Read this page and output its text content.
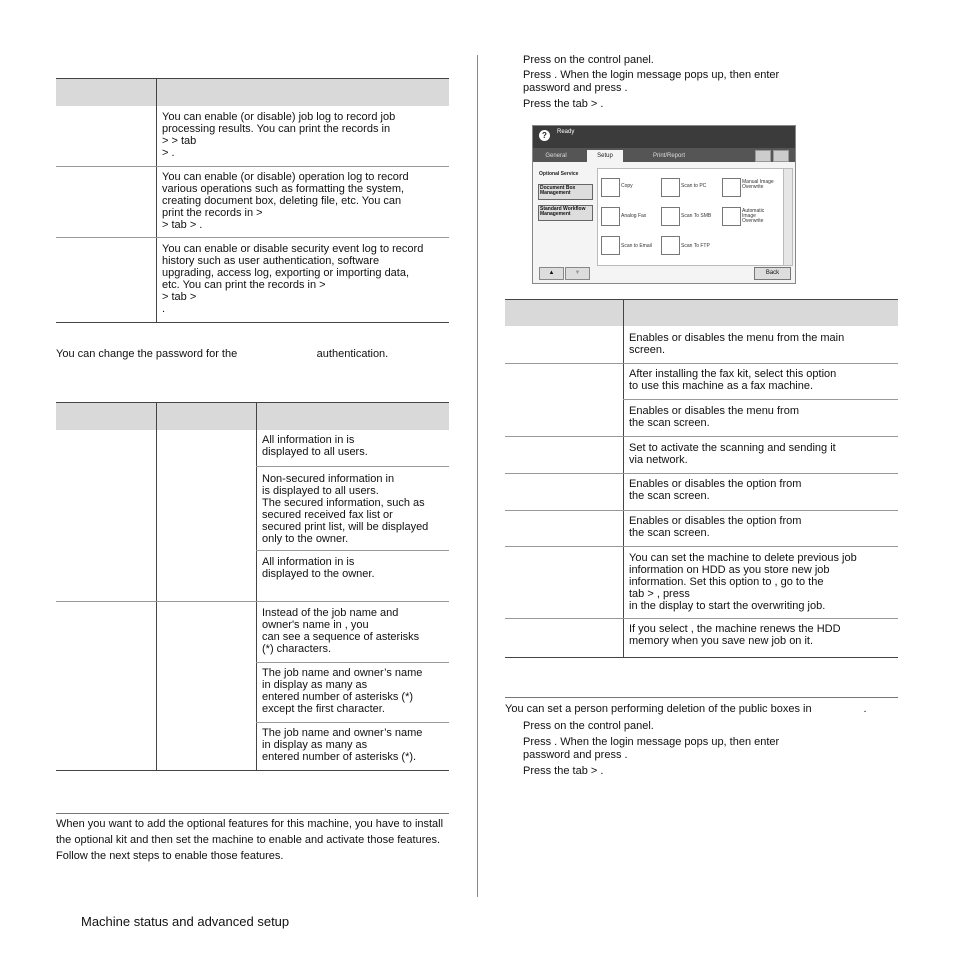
You can enable (or disable) job log to record job
processing results. You can print the records in
> > tab
> .
You can enable (or disable) operation log to record
various operations such as formatting the system,
creating document box, deleting file, etc. You can
print the records in >
> tab > .
You can enable or disable security event log to record
history such as user authentication, software
upgrading, access log, exporting or importing data,
etc. You can print the records in >
> tab >
.
You can change the password for the                          authentication.
All information in is
displayed to all users.
Non-secured information in
is displayed to all users.
The secured information, such as
secured received fax list or
secured print list, will be displayed
only to the owner.
All information in is
displayed to the owner.
Instead of the job name and
owner's name in , you
can see a sequence of asterisks
(*) characters.
The job name and owner’s name
in display as many as
entered number of asterisks (*)
except the first character.
The job name and owner’s name
in display as many as
entered number of asterisks (*).
When you want to add the optional features for this machine, you have to install the optional kit and then set the machine to enable and activate those features. Follow the next steps to enable those features.
Press on the control panel.
Press . When the login message pops up, then enter
password and press .
Press the tab > .
?	Ready
General	Setup	Print/Report
Optional Service
Document Box Management
Standard Workflow Management
Copy	Scan to PC
Manual Image Overwrite
Analog Fax	Scan To SMB
Automatic Image Overwrite
Scan to Email	Scan To FTP
▲	▼	Back
Enables or disables the menu from the main
screen.
After installing the fax kit, select this option
to use this machine as a fax machine.
Enables or disables the menu from
the scan screen.
Set to activate the scanning and sending it
via network.
Enables or disables the option from
the scan screen.
Enables or disables the option from
the scan screen.
You can set the machine to delete previous job
information on HDD as you store new job
information. Set this option to , go to the
tab > , press
in the display to start the overwriting job.
If you select , the machine renews the HDD
memory when you save new job on it.
You can set a person performing deletion of the public boxes in                 .
Press on the control panel.
Press . When the login message pops up, then enter
password and press .
Press the tab > .
Machine status and advanced setup
